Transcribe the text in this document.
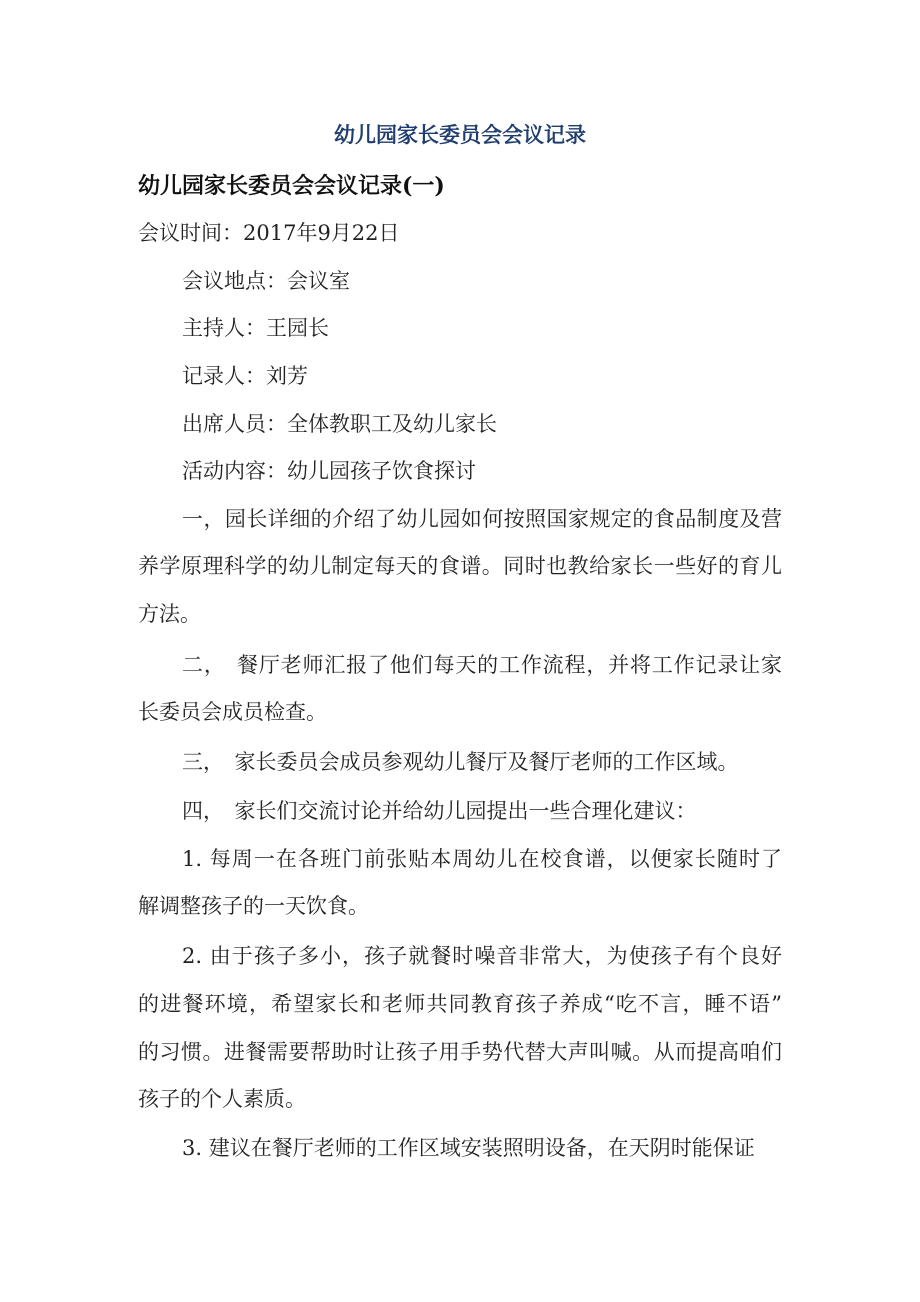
幼儿园家长委员会会议记录
幼儿园家长委员会会议记录(一)
会议时间：2017年9月22日
会议地点：会议室
主持人：王园长
记录人：刘芳
出席人员：全体教职工及幼儿家长
活动内容：幼儿园孩子饮食探讨
一，园长详细的介绍了幼儿园如何按照国家规定的食品制度及营
养学原理科学的幼儿制定每天的食谱。同时也教给家长一些好的育儿
方法。
二，　餐厅老师汇报了他们每天的工作流程，并将工作记录让家
长委员会成员检查。
三，　家长委员会成员参观幼儿餐厅及餐厅老师的工作区域。
四，　家长们交流讨论并给幼儿园提出一些合理化建议：
1. 每周一在各班门前张贴本周幼儿在校食谱，以便家长随时了
解调整孩子的一天饮食。
2. 由于孩子多小，孩子就餐时噪音非常大，为使孩子有个良好
的进餐环境，希望家长和老师共同教育孩子养成“吃不言，睡不语”
的习惯。进餐需要帮助时让孩子用手势代替大声叫喊。从而提高咱们
孩子的个人素质。
3. 建议在餐厅老师的工作区域安装照明设备，在天阴时能保证
